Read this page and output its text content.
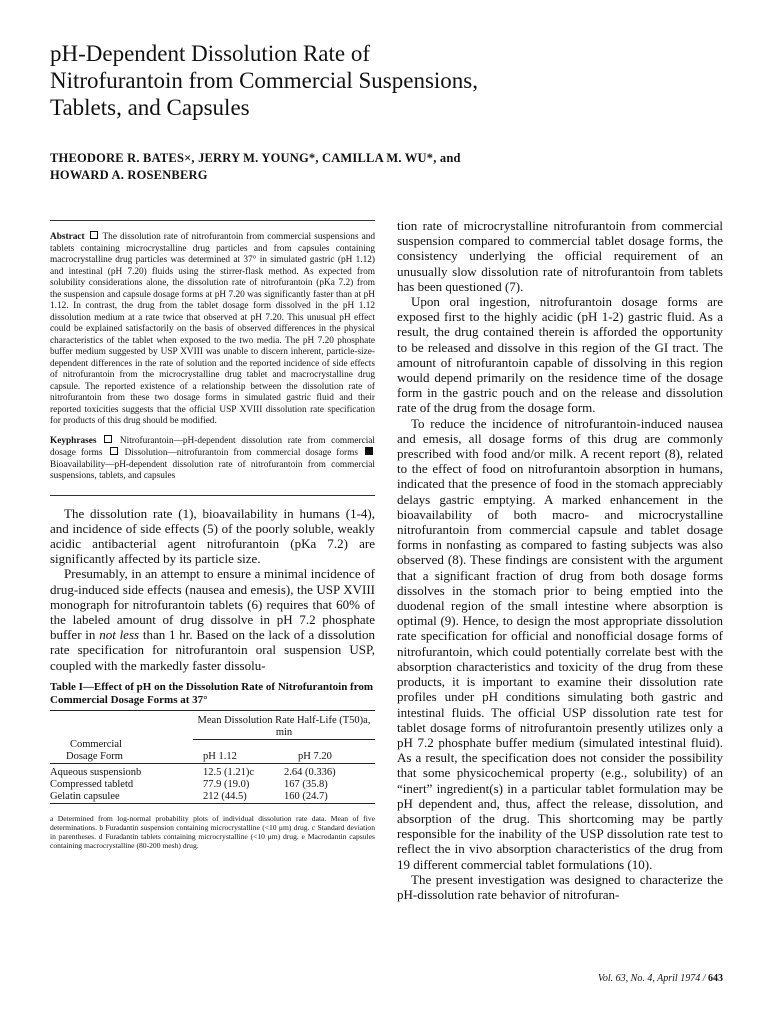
pH-Dependent Dissolution Rate of
Nitrofurantoin from Commercial Suspensions,
Tablets, and Capsules
THEODORE R. BATES×, JERRY M. YOUNG*, CAMILLA M. WU*, and
HOWARD A. ROSENBERG

Abstract The dissolution rate of nitrofurantoin from commercial suspensions and tablets containing microcrystalline drug particles and from capsules containing macrocrystalline drug particles was determined at 37° in simulated gastric (pH 1.12) and intestinal (pH 7.20) fluids using the stirrer-flask method. As expected from solubility considerations alone, the dissolution rate of nitrofurantoin (pKa 7.2) from the suspension and capsule dosage forms at pH 7.20 was significantly faster than at pH 1.12. In contrast, the drug from the tablet dosage form dissolved in the pH 1.12 dissolution medium at a rate twice that observed at pH 7.20. This unusual pH effect could be explained satisfactorily on the basis of observed differences in the physical characteristics of the tablet when exposed to the two media. The pH 7.20 phosphate buffer medium suggested by USP XVIII was unable to discern inherent, particle-size-dependent differences in the rate of solution and the reported incidence of side effects of nitrofurantoin from the microcrystalline drug tablet and macrocrystalline drug capsule. The reported existence of a relationship between the dissolution rate of nitrofurantoin from these two dosage forms in simulated gastric fluid and their reported toxicities suggests that the official USP XVIII dissolution rate specification for products of this drug should be modified.

Keyphrases	Nitrofurantoin—pH-dependent dissolution rate from commercial dosage forms Dissolution—nitrofurantoin from commercial dosage forms  Bioavailability—pH-dependent dissolution rate of nitrofurantoin from commercial suspensions, tablets, and capsules

The dissolution rate (1), bioavailability in humans (1-4), and incidence of side effects (5) of the poorly soluble, weakly acidic antibacterial agent nitrofurantoin (pKa 7.2) are significantly affected by its particle size.

Presumably, in an attempt to ensure a minimal incidence of drug-induced side effects (nausea and emesis), the USP XVIII monograph for nitrofurantoin tablets (6) requires that 60% of the labeled amount of drug dissolve in pH 7.2 phosphate buffer in not less than 1 hr. Based on the lack of a dissolution rate specification for nitrofurantoin oral suspension USP, coupled with the markedly faster dissolu-

Table I—Effect of pH on the Dissolution Rate of Nitrofurantoin from Commercial Dosage Forms at 37°

	Mean Dissolution Rate Half-Life (T50)a, min	
Commercial		
Dosage Form	pH 1.12	pH 7.20

Aqueous suspensionb	12.5 (1.21)c	2.64 (0.336)
Compressed tabletd	77.9 (19.0)	167 (35.8)
Gelatin capsulee	212 (44.5)	160 (24.7)

a Determined from log-normal probability plots of individual dissolution rate data. Mean of five determinations. b Furadantin suspension containing microcrystalline (<10 μm) drug. c Standard deviation in parentheses. d Furadantin tablets containing microcrystalline (<10 μm) drug. e Macrodantin capsules containing macrocrystalline (80-200 mesh) drug.

tion rate of microcrystalline nitrofurantoin from commercial suspension compared to commercial tablet dosage forms, the consistency underlying the official requirement of an unusually slow dissolution rate of nitrofurantoin from tablets has been questioned (7).

Upon oral ingestion, nitrofurantoin dosage forms are exposed first to the highly acidic (pH 1-2) gastric fluid. As a result, the drug contained therein is afforded the opportunity to be released and dissolve in this region of the GI tract. The amount of nitrofurantoin capable of dissolving in this region would depend primarily on the residence time of the dosage form in the gastric pouch and on the release and dissolution rate of the drug from the dosage form.

To reduce the incidence of nitrofurantoin-induced nausea and emesis, all dosage forms of this drug are commonly prescribed with food and/or milk. A recent report (8), related to the effect of food on nitrofurantoin absorption in humans, indicated that the presence of food in the stomach appreciably delays gastric emptying. A marked enhancement in the bioavailability of both macro- and microcrystalline nitrofurantoin from commercial capsule and tablet dosage forms in nonfasting as compared to fasting subjects was also observed (8). These findings are consistent with the argument that a significant fraction of drug from both dosage forms dissolves in the stomach prior to being emptied into the duodenal region of the small intestine where absorption is optimal (9). Hence, to design the most appropriate dissolution rate specification for official and nonofficial dosage forms of nitrofurantoin, which could potentially correlate best with the absorption characteristics and toxicity of the drug from these products, it is important to examine their dissolution rate profiles under pH conditions simulating both gastric and intestinal fluids. The official USP dissolution rate test for tablet dosage forms of nitrofurantoin presently utilizes only a pH 7.2 phosphate buffer medium (simulated intestinal fluid). As a result, the specification does not consider the possibility that some physicochemical property (e.g., solubility) of an “inert” ingredient(s) in a particular tablet formulation may be pH dependent and, thus, affect the release, dissolution, and absorption of the drug. This shortcoming may be partly responsible for the inability of the USP dissolution rate test to reflect the in vivo absorption characteristics of the drug from 19 different commercial tablet formulations (10).

The present investigation was designed to characterize the pH-dissolution rate behavior of nitrofuran-

Vol. 63, No. 4, April 1974 / 643
